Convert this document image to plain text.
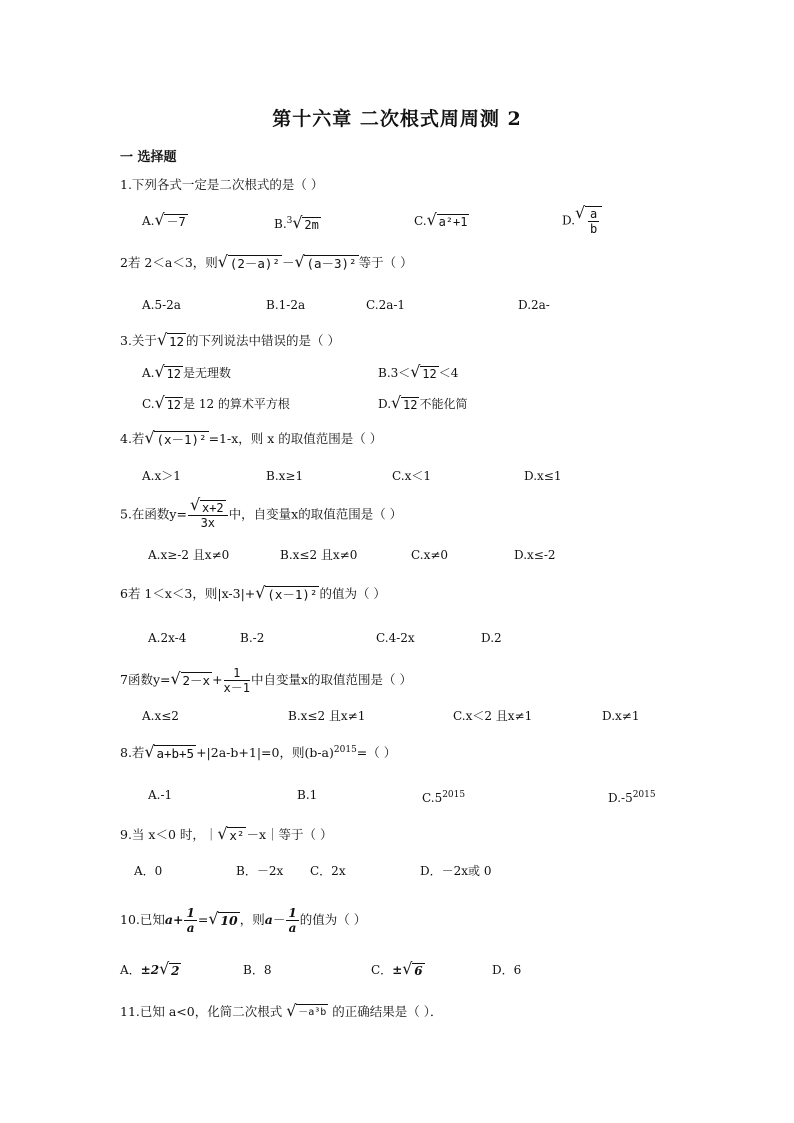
第十六章 二次根式周周测 2
一 选择题
1.下列各式一定是二次根式的是（ ）
A. √ －7	B.$^3$ √ 2m	C. √ a²+1	D. √ $\frac{a}{b}$
2若 2＜a＜3，则 √ (2－a)² － √ (a－3)² 等于（ ）
A.5-2a	B.1-2a	C.2a-1	D.2a-
3.关于 √ 12 的下列说法中错误的是（ ）
A. √ 12 是无理数	B.3＜ √ 12 ＜4
C. √ 12 是 12 的算术平方根	D. √ 12 不能化简
4.若 √ (x－1)² =1-x，则 x 的取值范围是（ ）
A.x＞1	B.x≥1	C.x＜1	D.x≤1
5.在函数y= √ $\frac{x+2}{3x}$ 中，自变量x的取值范围是（ ）
A.x≥-2 且x≠0	B.x≤2 且x≠0	C.x≠0	D.x≤-2
6若 1＜x＜3，则|x-3|+ √ (x－1)² 的值为（ ）
A.2x-4	B.-2	C.4-2x	D.2
7函数y= √ $2-x + \frac{1}{x-1}$ 中自变量x的取值范围是（ ）
A.x≤2	B.x≤2 且x≠1	C.x＜2 且x≠1	D.x≠1
8.若 √ a+b+5 +|2a-b+1|=0，则$(b-a)^{2015}=$（ ）
A.-1	B.1	$C.5^{2015}$	$D.-5^{2015}$
9.当 x＜0 时，｜ √ x² －x｜等于（ ）
A．0	B．－2x C．2x	D．－2x或 0
10.已知$a+ \frac{1}{a}$ = √ 10 ，则$a- \frac{1}{a}$ 的值为（ ）
A．±2 √ 2	B．8	C．± √ 6	D．6
11.已知 a<0，化简二次根式 √ －a³b 的正确结果是（ ）．
